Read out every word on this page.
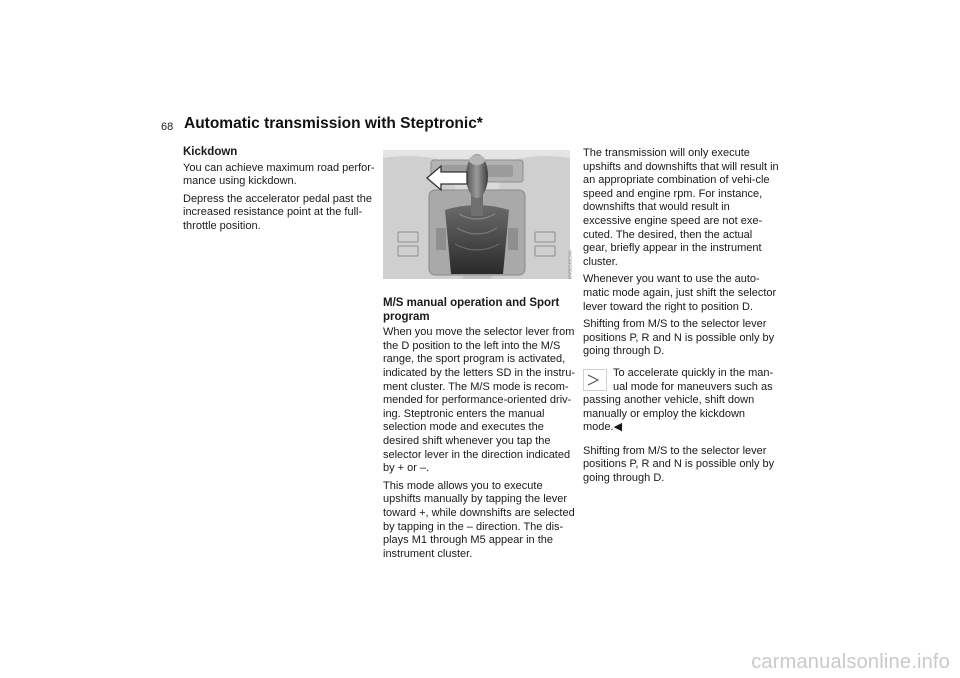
68 Automatic transmission with Steptronic*
Kickdown

You can achieve maximum road perfor-mance using kickdown.

Depress the accelerator pedal past the increased resistance point at the full-throttle position.

MV00248CMA
M/S manual operation and Sport program

When you move the selector lever from the D position to the left into the M/S range, the sport program is activated, indicated by the letters SD in the instru-ment cluster. The M/S mode is recom-mended for performance-oriented driv-ing. Steptronic enters the manual selection mode and executes the desired shift whenever you tap the selector lever in the direction indicated by + or –.

This mode allows you to execute upshifts manually by tapping the lever toward +, while downshifts are selected by tapping in the – direction. The dis-plays M1 through M5 appear in the instrument cluster.

The transmission will only execute upshifts and downshifts that will result in an appropriate combination of vehi-cle speed and engine rpm. For instance, downshifts that would result in excessive engine speed are not exe-cuted. The desired, then the actual gear, briefly appear in the instrument cluster.

Whenever you want to use the auto-matic mode again, just shift the selector lever toward the right to position D.

Shifting from M/S to the selector lever positions P, R and N is possible only by going through D.

To accelerate quickly in the man-ual mode for maneuvers such as passing another vehicle, shift down manually or employ the kickdown mode.◀

Shifting from M/S to the selector lever positions P, R and N is possible only by going through D.

carmanualsonline.info
